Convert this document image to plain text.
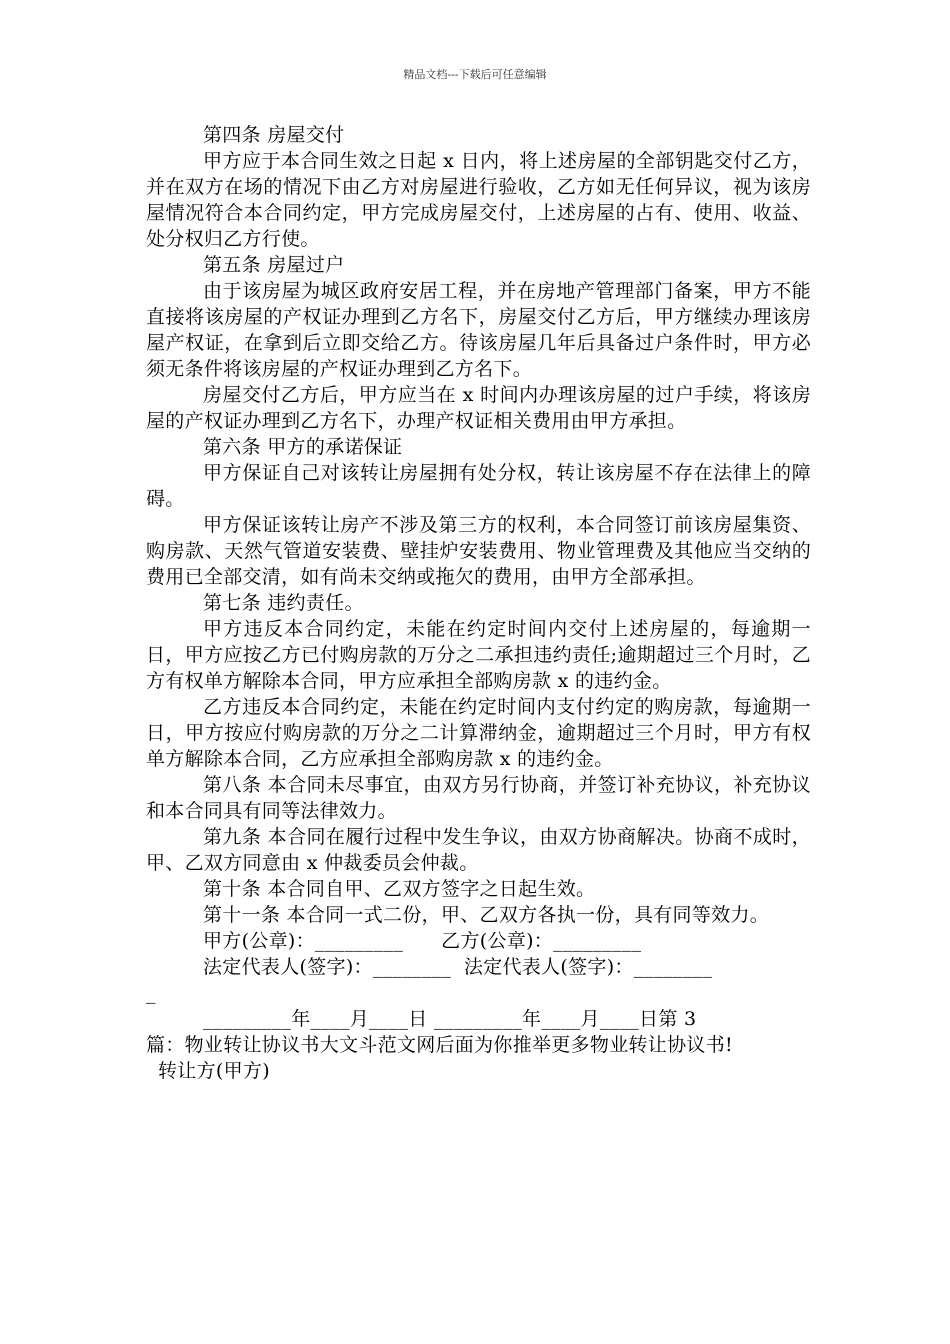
精品文档---下载后可任意编辑

第四条 房屋交付

甲方应于本合同生效之日起 x 日内，将上述房屋的全部钥匙交付乙方，并在双方在场的情况下由乙方对房屋进行验收，乙方如无任何异议，视为该房屋情况符合本合同约定，甲方完成房屋交付，上述房屋的占有、使用、收益、处分权归乙方行使。

第五条 房屋过户

由于该房屋为城区政府安居工程，并在房地产管理部门备案，甲方不能直接将该房屋的产权证办理到乙方名下，房屋交付乙方后，甲方继续办理该房屋产权证，在拿到后立即交给乙方。待该房屋几年后具备过户条件时，甲方必须无条件将该房屋的产权证办理到乙方名下。

房屋交付乙方后，甲方应当在 x 时间内办理该房屋的过户手续，将该房屋的产权证办理到乙方名下，办理产权证相关费用由甲方承担。

第六条 甲方的承诺保证

甲方保证自己对该转让房屋拥有处分权，转让该房屋不存在法律上的障碍。

甲方保证该转让房产不涉及第三方的权利，本合同签订前该房屋集资、购房款、天然气管道安装费、壁挂炉安装费用、物业管理费及其他应当交纳的费用已全部交清，如有尚未交纳或拖欠的费用，由甲方全部承担。

第七条 违约责任。

甲方违反本合同约定，未能在约定时间内交付上述房屋的，每逾期一日，甲方应按乙方已付购房款的万分之二承担违约责任;逾期超过三个月时，乙方有权单方解除本合同，甲方应承担全部购房款 x 的违约金。

乙方违反本合同约定，未能在约定时间内支付约定的购房款，每逾期一日，甲方按应付购房款的万分之二计算滞纳金，逾期超过三个月时，甲方有权单方解除本合同，乙方应承担全部购房款 x 的违约金。

第八条 本合同未尽事宜，由双方另行协商，并签订补充协议，补充协议和本合同具有同等法律效力。

第九条 本合同在履行过程中发生争议，由双方协商解决。协商不成时，甲、乙双方同意由 x 仲裁委员会仲裁。

第十条 本合同自甲、乙双方签字之日起生效。

第十一条 本合同一式二份，甲、乙双方各执一份，具有同等效力。

甲方(公章)：_________      乙方(公章)：_________

法定代表人(签字)：________  法定代表人(签字)：________

_

_________年____月____日 _________年____月____日第 3

篇：物业转让协议书大文斗范文网后面为你推举更多物业转让协议书!

转让方(甲方)
